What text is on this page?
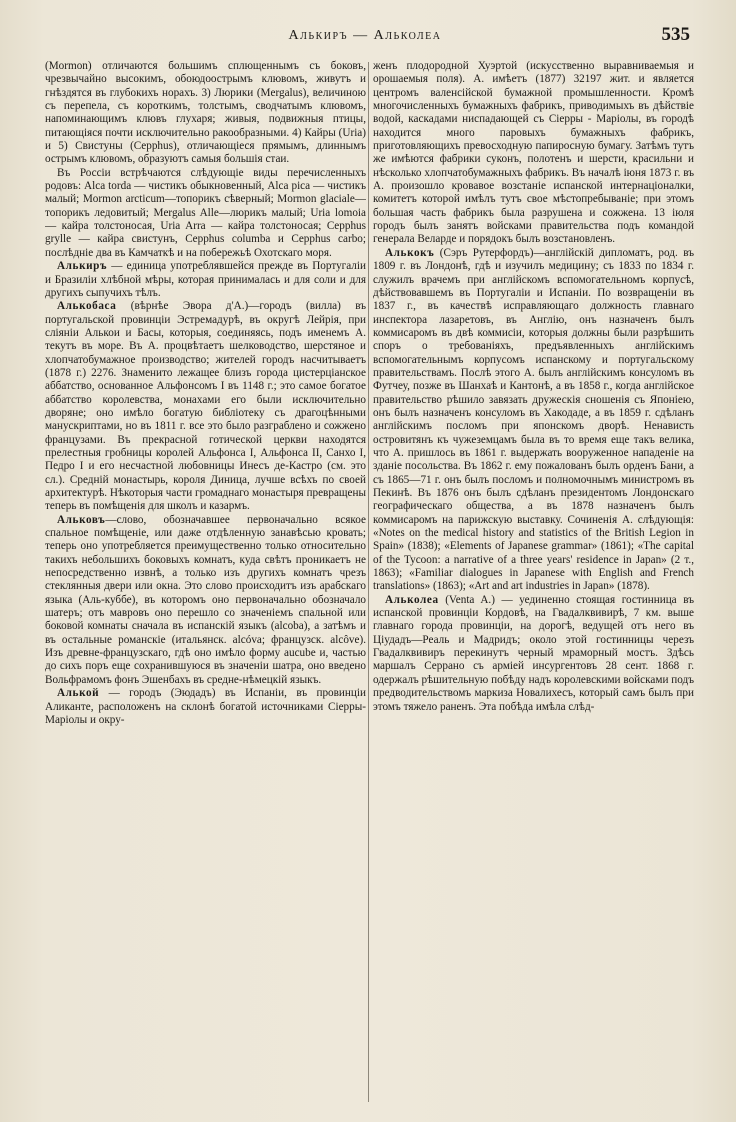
Алькиръ — Альколеа	535

(Mormon) отличаются большимъ сплющеннымъ съ боковъ, чрезвычайно высокимъ, обоюдоострымъ клювомъ, живутъ и гнѣздятся въ глубокихъ норахъ. 3) Люрики (Mergalus), величиною съ перепела, съ короткимъ, толстымъ, сводчатымъ клювомъ, напоминающимъ клювъ глухаря; живыя, подвижныя птицы, питающіяся почти исключительно ракообразными. 4) Кайры (Uria) и 5) Свистуны (Cepphus), отличающіеся прямымъ, длиннымъ острымъ клювомъ, образуютъ самыя большія стаи.

Въ Россіи встрѣчаются слѣдующіе виды перечисленныхъ родовъ: Alca torda — чистикъ обыкновенный, Alca pica — чистикъ малый; Mormon arcticum—топорикъ сѣверный; Mormon glaciale—топорикъ ледовитый; Mergalus Alle—люрикъ малый; Uria lomoia — кайра толстоносая, Uria Arra — кайра толстоносая; Cepphus grylle — кайра свистунъ, Cepphus columba и Cepphus carbo; послѣдніе два въ Камчаткѣ и на побережьѣ Охотскаго моря.

Алькиръ — единица употреблявшейся прежде въ Португаліи и Бразиліи хлѣбной мѣры, которая принималась и для соли и для другихъ сыпучихъ тѣлъ.

Алькобаса (вѣрнѣе Эвора д'А.)—городъ (вилла) въ португальской провинціи Эстремадурѣ, въ округѣ Лейрія, при сліяніи Алькои и Басы, которыя, соединяясь, подъ именемъ А. текутъ въ море. Въ А. процвѣтаетъ шелководство, шерстяное и хлопчатобумажное производство; жителей городъ насчитываетъ (1878 г.) 2276. Знаменито лежащее близъ города цистерціанское аббатство, основанное Альфонсомъ I въ 1148 г.; это самое богатое аббатство королевства, монахами его были исключительно дворяне; оно имѣло богатую библіотеку съ драгоцѣнными манускриптами, но въ 1811 г. все это было разграблено и сожжено французами. Въ прекрасной готической церкви находятся прелестныя гробницы королей Альфонса I, Альфонса II, Санхо I, Педро I и его несчастной любовницы Инесъ де-Кастро (см. это сл.). Средній монастырь, короля Диница, лучше всѣхъ по своей архитектурѣ. Нѣкоторыя части громаднаго монастыря превращены теперь въ помѣщенія для школъ и казармъ.

Альковъ—слово, обозначавшее первоначально всякое спальное помѣщеніе, или даже отдѣленную занавѣсью кровать; теперь оно употребляется преимущественно только относительно такихъ небольшихъ боковыхъ комнатъ, куда свѣтъ проникаетъ не непосредственно извнѣ, а только изъ другихъ комнатъ чрезъ стеклянныя двери или окна. Это слово происходитъ изъ арабскаго языка (Аль-куббе), въ которомъ оно первоначально обозначало шатеръ; отъ мавровъ оно перешло со значеніемъ спальной или боковой комнаты сначала въ испанскій языкъ (alcoba), а затѣмъ и въ остальные романскіе (итальянск. alcóva; французск. alcôve). Изъ древне-французскаго, гдѣ оно имѣло форму aucube и, частью до сихъ поръ еще сохранившуюся въ значеніи шатра, оно введено Вольфрамомъ фонъ Эшенбахъ въ средне-нѣмецкій языкъ.

Алькой — городъ (Эюдадъ) въ Испаніи, въ провинціи Аликанте, расположенъ на склонѣ богатой источниками Сіерры-Маріолы и окру-

женъ плодородной Хуэртой (искусственно выравниваемыя и орошаемыя поля). А. имѣетъ (1877) 32197 жит. и является центромъ валенсійской бумажной промышленности. Кромѣ многочисленныхъ бумажныхъ фабрикъ, приводимыхъ въ дѣйствіе водой, каскадами ниспадающей съ Сіерры - Маріолы, въ городѣ находится много паровыхъ бумажныхъ фабрикъ, приготовляющихъ превосходную папиросную бумагу. Затѣмъ тутъ же имѣются фабрики суконъ, полотенъ и шерсти, красильни и нѣсколько хлопчатобумажныхъ фабрикъ. Въ началѣ іюня 1873 г. въ А. произошло кровавое возстаніе испанской интернаціоналки, комитетъ которой имѣлъ тутъ свое мѣстопребываніе; при этомъ большая часть фабрикъ была разрушена и сожжена. 13 іюля городъ былъ занятъ войсками правительства подъ командой генерала Веларде и порядокъ былъ возстановленъ.

Алькокъ (Сэръ Рутерфордъ)—англійскій дипломатъ, род. въ 1809 г. въ Лондонѣ, гдѣ и изучилъ медицину; съ 1833 по 1834 г. служилъ врачемъ при англійскомъ вспомогательномъ корпусѣ, дѣйствовавшемъ въ Португаліи и Испаніи. По возвращеніи въ 1837 г., въ качествѣ исправляющаго должность главнаго инспектора лазаретовъ, въ Англію, онъ назначенъ былъ коммисаромъ въ двѣ коммисіи, которыя должны были разрѣшить споръ о требованіяхъ, предъявленныхъ англійскимъ вспомогательнымъ корпусомъ испанскому и португальскому правительствамъ. Послѣ этого А. былъ англійскимъ консуломъ въ Футчеу, позже въ Шанхаѣ и Кантонѣ, а въ 1858 г., когда англійское правительство рѣшило завязать дружескія сношенія съ Японіею, онъ былъ назначенъ консуломъ въ Хакодаде, а въ 1859 г. сдѣланъ англійскимъ посломъ при японскомъ дворѣ. Ненависть островитянъ къ чужеземцамъ была въ то время еще такъ велика, что А. пришлось въ 1861 г. выдержать вооруженное нападеніе на зданіе посольства. Въ 1862 г. ему пожалованъ былъ орденъ Бани, а съ 1865—71 г. онъ былъ посломъ и полномочнымъ министромъ въ Пекинѣ. Въ 1876 онъ былъ сдѣланъ президентомъ Лондонскаго географическаго общества, а въ 1878 назначенъ былъ коммисаромъ на парижскую выставку. Сочиненія А. слѣдующія: «Notes on the medical history and statistics of the British Legion in Spain» (1838); «Elements of Japanese grammar» (1861); «The capital of the Tycoon: a narrative of a three years' residence in Japan» (2 т., 1863); «Familiar dialogues in Japanese with English and French translations» (1863); «Art and art industries in Japan» (1878).

Альколеа (Venta A.) — уединенно стоящая гостинница въ испанской провинціи Кордовѣ, на Гвадалквивирѣ, 7 км. выше главнаго города провинціи, на дорогѣ, ведущей отъ него въ Ціудадъ—Реаль и Мадридъ; около этой гостинницы черезъ Гвадалквивиръ перекинутъ черный мраморный мостъ. Здѣсь маршалъ Серрано съ арміей инсургентовъ 28 сент. 1868 г. одержалъ рѣшительную побѣду надъ королевскими войсками подъ предводительствомъ маркиза Новалихесъ, который самъ былъ при этомъ тяжело раненъ. Эта побѣда имѣла слѣд-
